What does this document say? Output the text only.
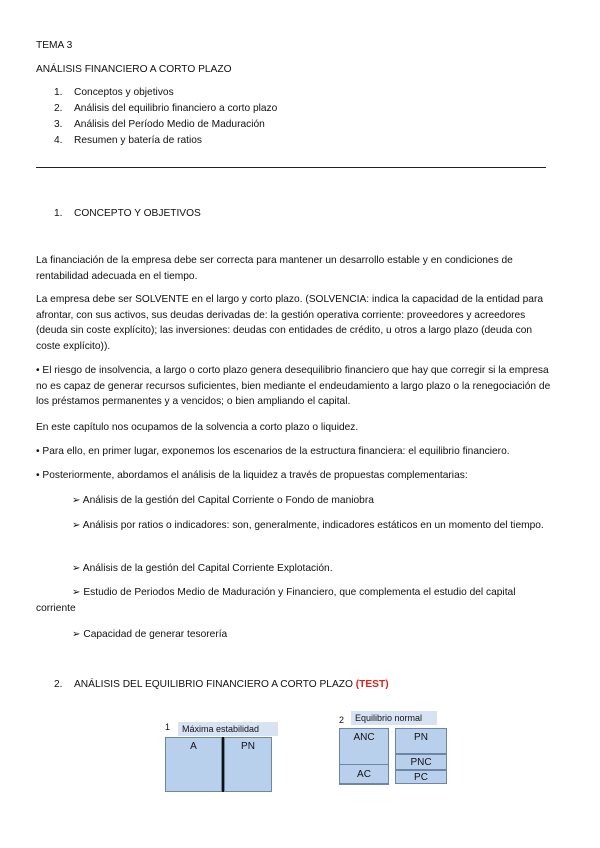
TEMA 3
ANÁLISIS FINANCIERO A CORTO PLAZO
1. Conceptos y objetivos
2. Análisis del equilibrio financiero a corto plazo
3. Análisis del Período Medio de Maduración
4. Resumen y batería de ratios
1. CONCEPTO Y OBJETIVOS
La financiación de la empresa debe ser correcta para mantener un desarrollo estable y en condiciones de rentabilidad adecuada en el tiempo.
La empresa debe ser SOLVENTE en el largo y corto plazo. (SOLVENCIA: indica la capacidad de la entidad para afrontar, con sus activos, sus deudas derivadas de: la gestión operativa corriente: proveedores y acreedores (deuda sin coste explícito); las inversiones: deudas con entidades de crédito, u otros a largo plazo (deuda con coste explícito)).
• El riesgo de insolvencia, a largo o corto plazo genera desequilibrio financiero que hay que corregir si la empresa no es capaz de generar recursos suficientes, bien mediante el endeudamiento a largo plazo o la renegociación de los préstamos permanentes y a vencidos; o bien ampliando el capital.
En este capítulo nos ocupamos de la solvencia a corto plazo o liquidez.
• Para ello, en primer lugar, exponemos los escenarios de la estructura financiera: el equilibrio financiero.
• Posteriormente, abordamos el análisis de la liquidez a través de propuestas complementarias:
➢ Análisis de la gestión del Capital Corriente o Fondo de maniobra
➢ Análisis por ratios o indicadores: son, generalmente, indicadores estáticos en un momento del tiempo.
➢ Análisis de la gestión del Capital Corriente Explotación.
➢ Estudio de Periodos Medio de Maduración y Financiero, que complementa el estudio del capital corriente
➢ Capacidad de generar tesorería
2. ANÁLISIS DEL EQUILIBRIO FINANCIERO A CORTO PLAZO (TEST)
1	Máxima estabilidad
A	PN
2	Equilibrio normal
ANC
AC
PN
PNC
PC
